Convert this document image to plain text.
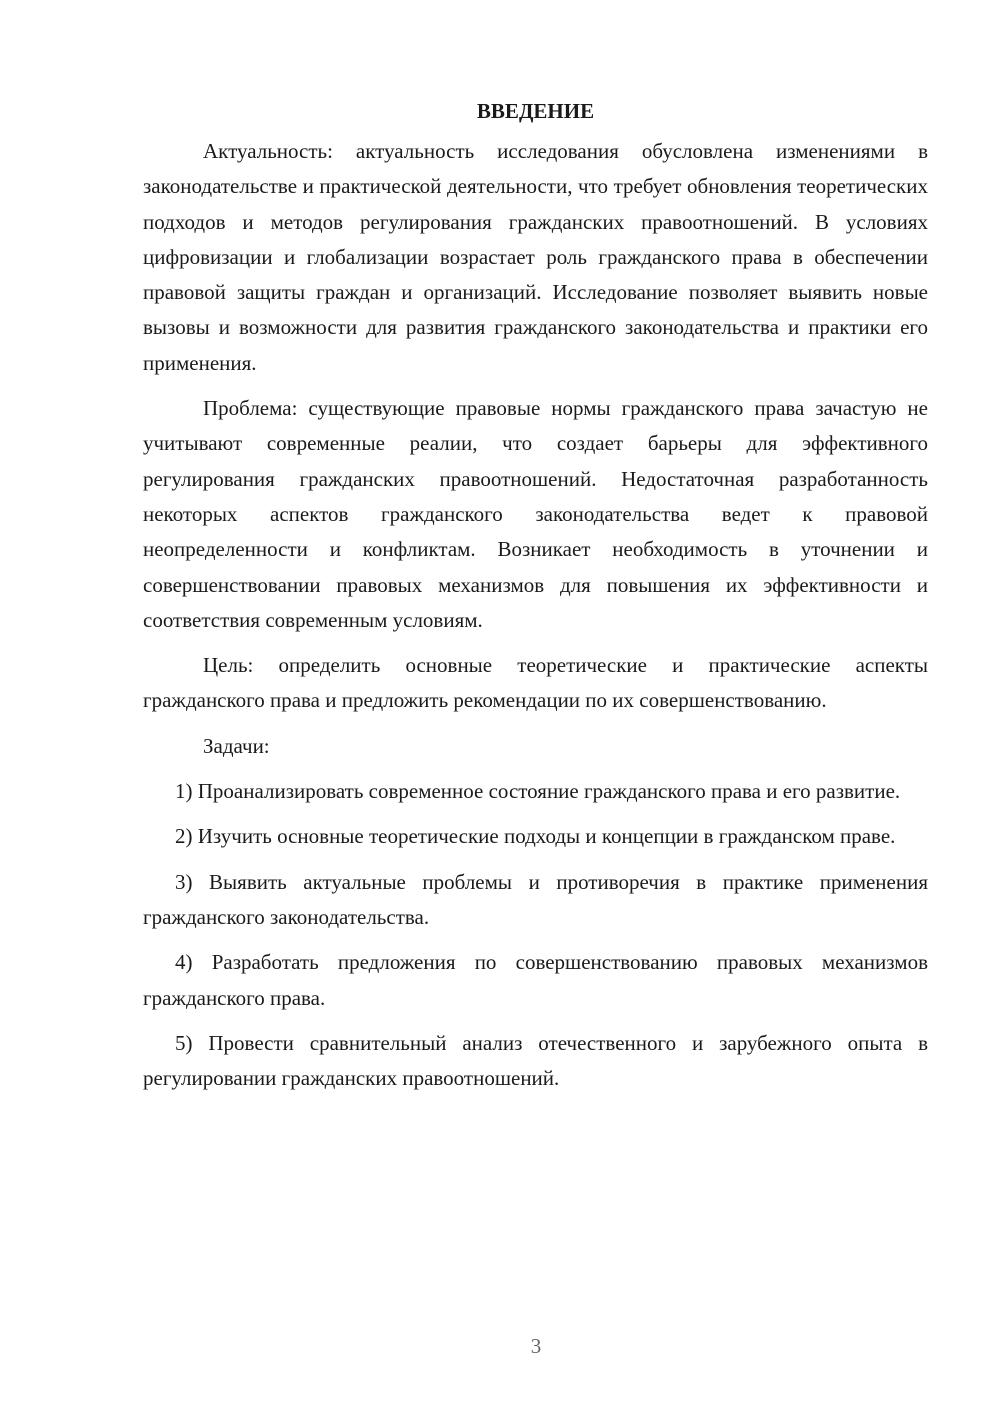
ВВЕДЕНИЕ

Актуальность: актуальность исследования обусловлена изменениями в законодательстве и практической деятельности, что требует обновления теоретических подходов и методов регулирования гражданских правоотношений. В условиях цифровизации и глобализации возрастает роль гражданского права в обеспечении правовой защиты граждан и организаций. Исследование позволяет выявить новые вызовы и возможности для развития гражданского законодательства и практики его применения.

Проблема: существующие правовые нормы гражданского права зачастую не учитывают современные реалии, что создает барьеры для эффективного регулирования гражданских правоотношений. Недостаточная разработанность некоторых аспектов гражданского законодательства ведет к правовой неопределенности и конфликтам. Возникает необходимость в уточнении и совершенствовании правовых механизмов для повышения их эффективности и соответствия современным условиям.

Цель: определить основные теоретические и практические аспекты гражданского права и предложить рекомендации по их совершенствованию.

Задачи:

1) Проанализировать современное состояние гражданского права и его развитие.

2) Изучить основные теоретические подходы и концепции в гражданском праве.

3) Выявить актуальные проблемы и противоречия в практике применения гражданского законодательства.

4) Разработать предложения по совершенствованию правовых механизмов гражданского права.

5) Провести сравнительный анализ отечественного и зарубежного опыта в регулировании гражданских правоотношений.

3
